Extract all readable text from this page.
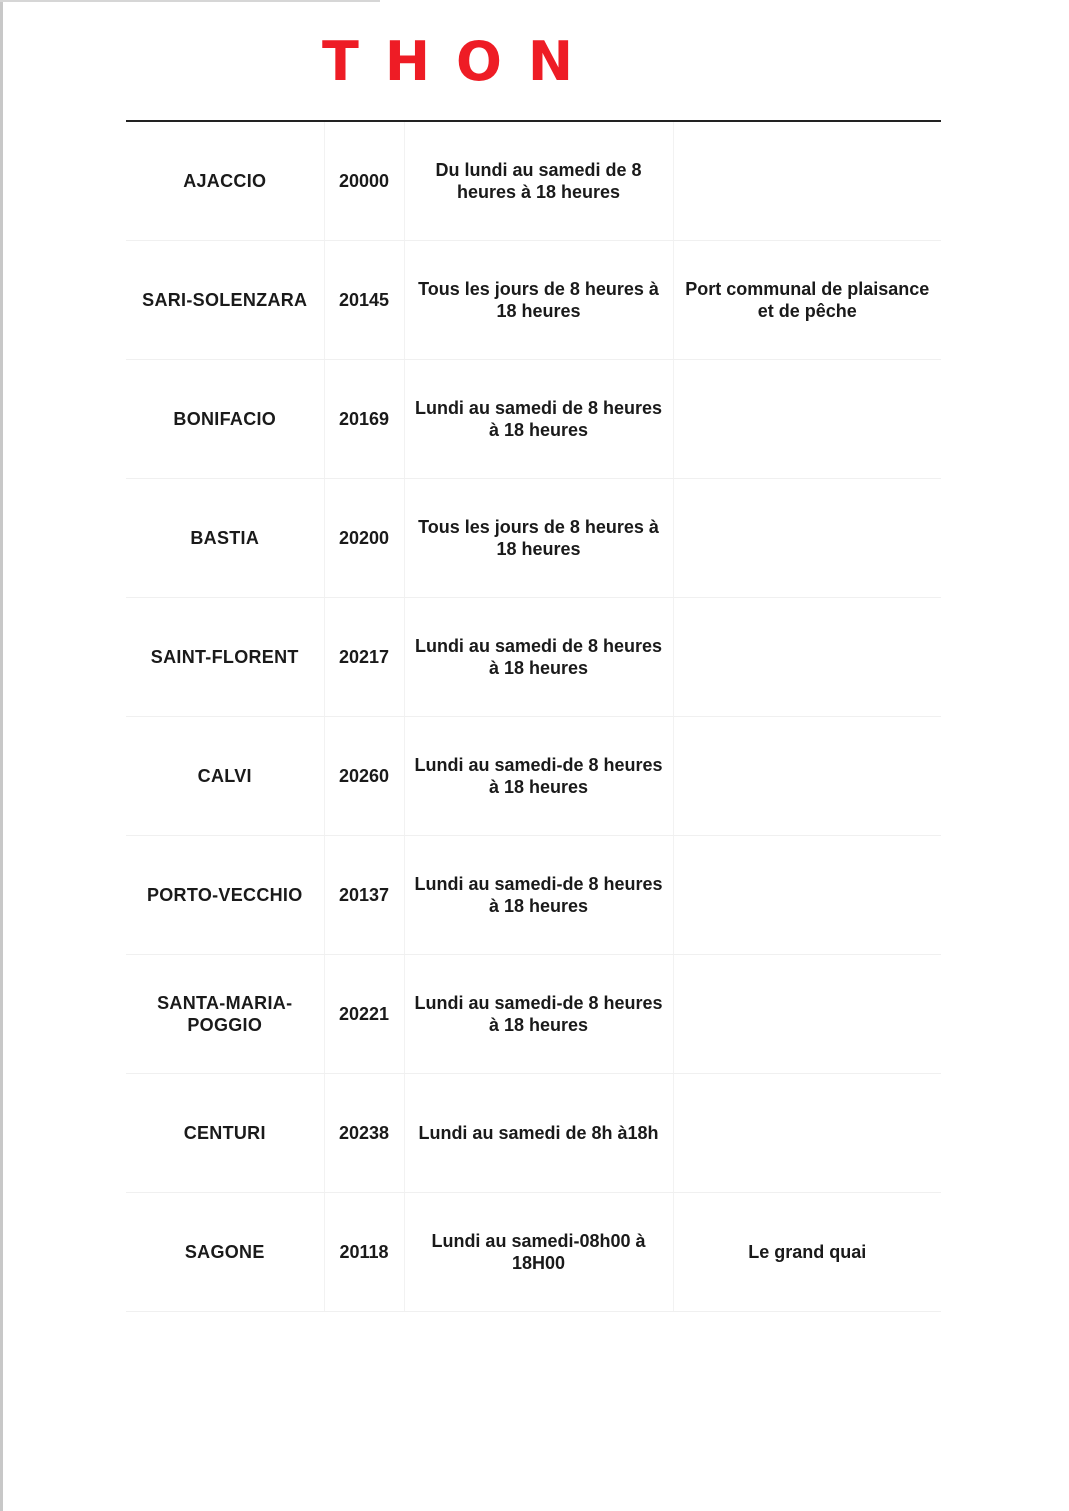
THON
AJACCIO	20000	Du lundi au samedi de 8 heures à 18 heures	
SARI-SOLENZARA	20145	Tous les jours de 8 heures à 18 heures	Port communal de plaisance et de pêche
BONIFACIO	20169	Lundi au samedi de 8 heures à 18 heures	
BASTIA	20200	Tous les jours de 8 heures à 18 heures	
SAINT-FLORENT	20217	Lundi au samedi de 8 heures à 18 heures	
CALVI	20260	Lundi au samedi-de 8 heures à 18 heures	
PORTO-VECCHIO	20137	Lundi au samedi-de 8 heures à 18 heures	
SANTA-MARIA-POGGIO	20221	Lundi au samedi-de 8 heures à 18 heures	
CENTURI	20238	Lundi au samedi de 8h à18h	
SAGONE	20118	Lundi au samedi-08h00 à 18H00	Le grand quai
